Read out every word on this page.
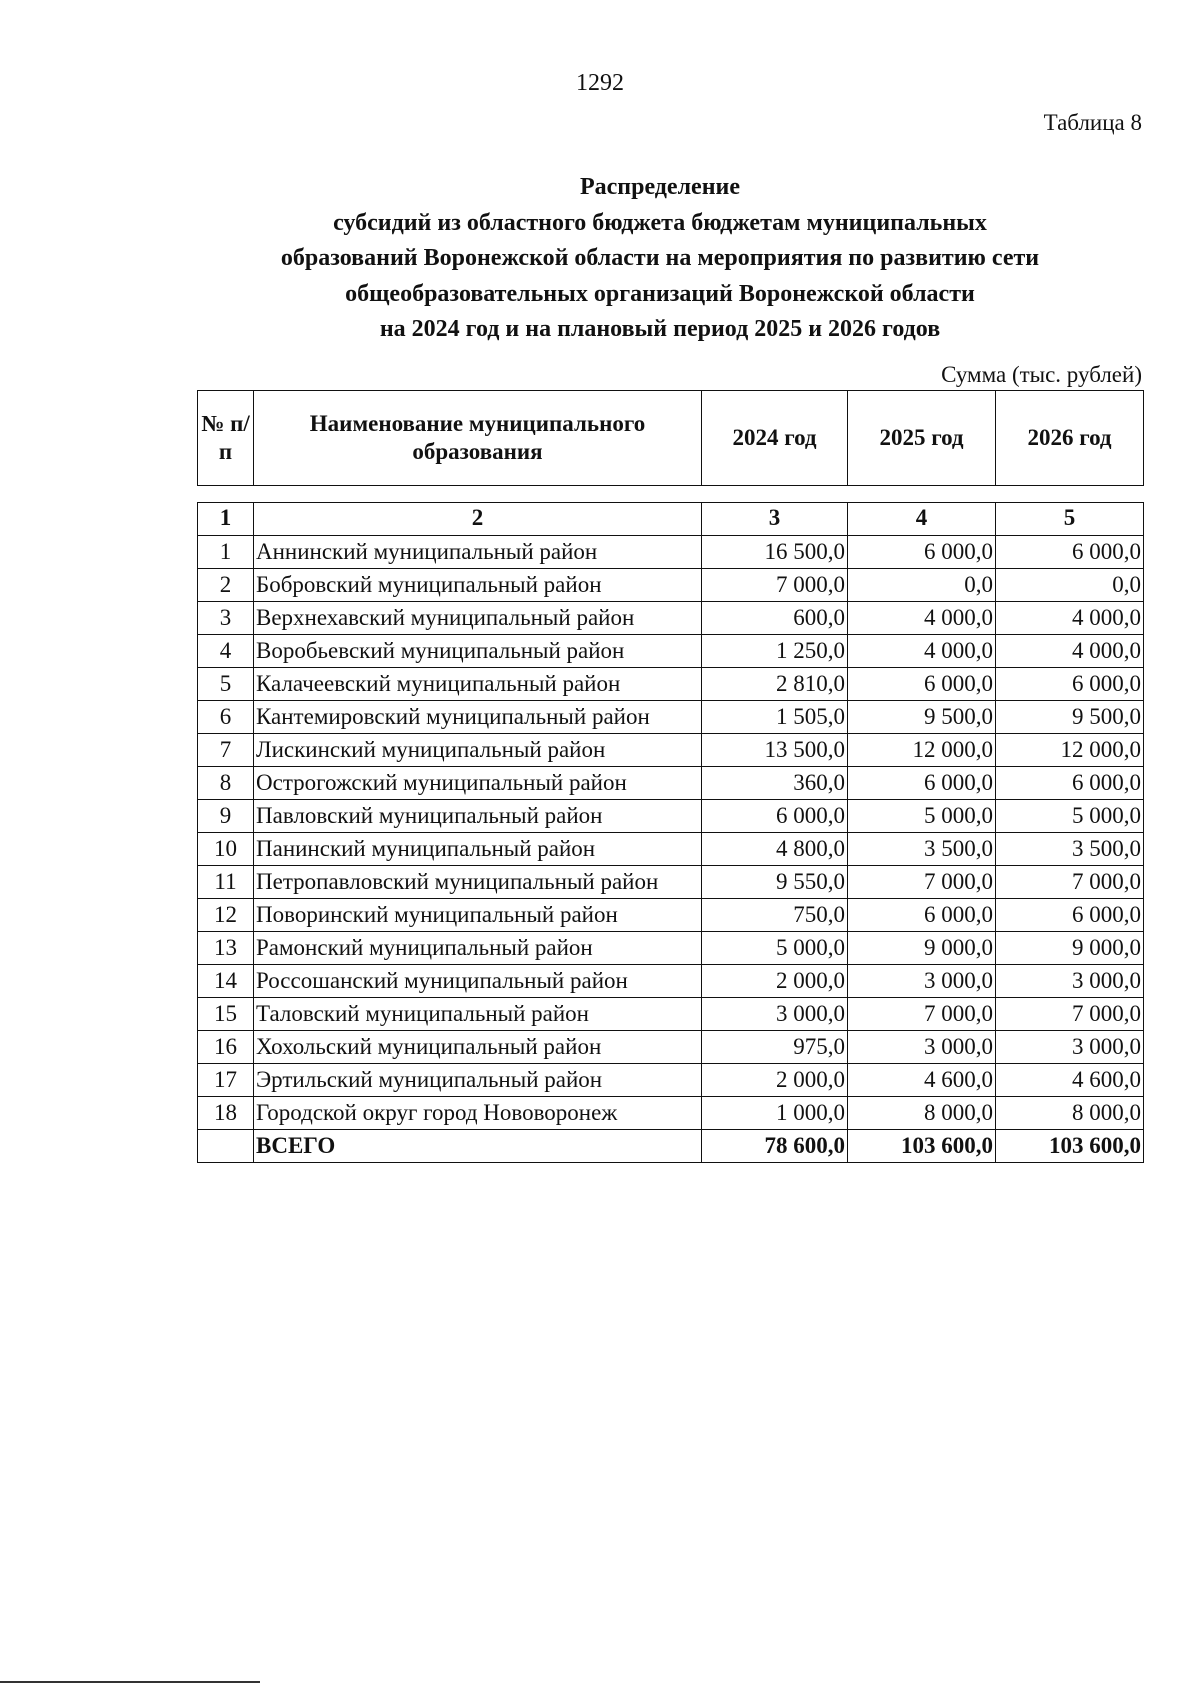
1292
Таблица 8
Распределение
субсидий из областного бюджета бюджетам муниципальных
образований Воронежской области на мероприятия по развитию сети
общеобразовательных организаций Воронежской области
на 2024 год и на плановый период 2025 и 2026 годов
Сумма (тыс. рублей)
№ п/п	Наименование муниципального образования	2024 год	2025 год	2026 год
1	2	3	4	5
1	Аннинский муниципальный район	16 500,0	6 000,0	6 000,0
2	Бобровский муниципальный район	7 000,0	0,0	0,0
3	Верхнехавский муниципальный район	600,0	4 000,0	4 000,0
4	Воробьевский муниципальный район	1 250,0	4 000,0	4 000,0
5	Калачеевский муниципальный район	2 810,0	6 000,0	6 000,0
6	Кантемировский муниципальный район	1 505,0	9 500,0	9 500,0
7	Лискинский муниципальный район	13 500,0	12 000,0	12 000,0
8	Острогожский муниципальный район	360,0	6 000,0	6 000,0
9	Павловский муниципальный район	6 000,0	5 000,0	5 000,0
10	Панинский муниципальный район	4 800,0	3 500,0	3 500,0
11	Петропавловский муниципальный район	9 550,0	7 000,0	7 000,0
12	Поворинский муниципальный район	750,0	6 000,0	6 000,0
13	Рамонский муниципальный район	5 000,0	9 000,0	9 000,0
14	Россошанский муниципальный район	2 000,0	3 000,0	3 000,0
15	Таловский муниципальный район	3 000,0	7 000,0	7 000,0
16	Хохольский муниципальный район	975,0	3 000,0	3 000,0
17	Эртильский муниципальный район	2 000,0	4 600,0	4 600,0
18	Городской округ город Нововоронеж	1 000,0	8 000,0	8 000,0
	ВСЕГО	78 600,0	103 600,0	103 600,0
